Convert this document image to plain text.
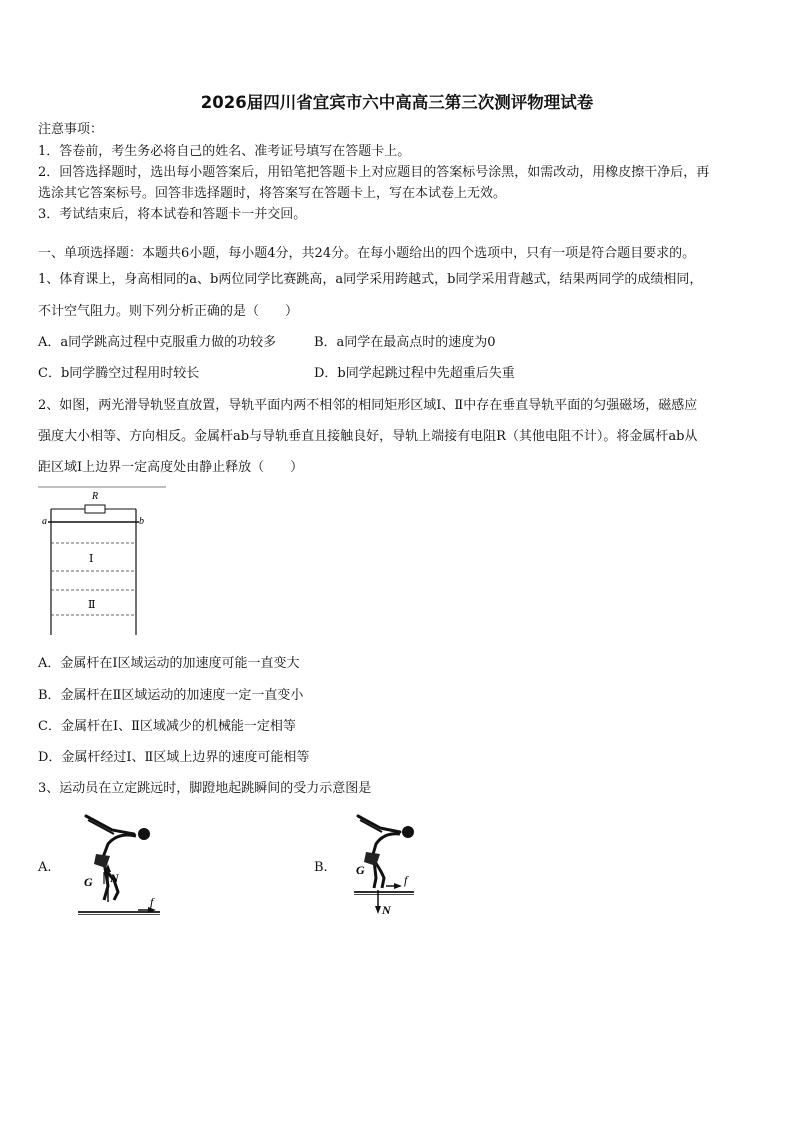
2026届四川省宜宾市六中高高三第三次测评物理试卷
注意事项：
1．答卷前，考生务必将自己的姓名、准考证号填写在答题卡上。
2．回答选择题时，选出每小题答案后，用铅笔把答题卡上对应题目的答案标号涂黑，如需改动，用橡皮擦干净后，再
选涂其它答案标号。回答非选择题时，将答案写在答题卡上，写在本试卷上无效。
3．考试结束后，将本试卷和答题卡一并交回。
一、单项选择题：本题共6小题，每小题4分，共24分。在每小题给出的四个选项中，只有一项是符合题目要求的。
1、体育课上，身高相同的a、b两位同学比赛跳高，a同学采用跨越式，b同学采用背越式，结果两同学的成绩相同，
不计空气阻力。则下列分析正确的是（　　）
A．a同学跳高过程中克服重力做的功较多	B．a同学在最高点时的速度为0
C．b同学腾空过程用时较长	D．b同学起跳过程中先超重后失重
2、如图，两光滑导轨竖直放置，导轨平面内两不相邻的相同矩形区域Ⅰ、Ⅱ中存在垂直导轨平面的匀强磁场，磁感应
强度大小相等、方向相反。金属杆ab与导轨垂直且接触良好，导轨上端接有电阻R（其他电阻不计）。将金属杆ab从
距区域Ⅰ上边界一定高度处由静止释放（　　）
R
a	b
Ⅰ
Ⅱ
A．金属杆在Ⅰ区域运动的加速度可能一直变大
B．金属杆在Ⅱ区域运动的加速度一定一直变小
C．金属杆在Ⅰ、Ⅱ区域减少的机械能一定相等
D．金属杆经过Ⅰ、Ⅱ区域上边界的速度可能相等
3、运动员在立定跳远时，脚蹬地起跳瞬间的受力示意图是
A.	B.
G N
f
G
N
f
